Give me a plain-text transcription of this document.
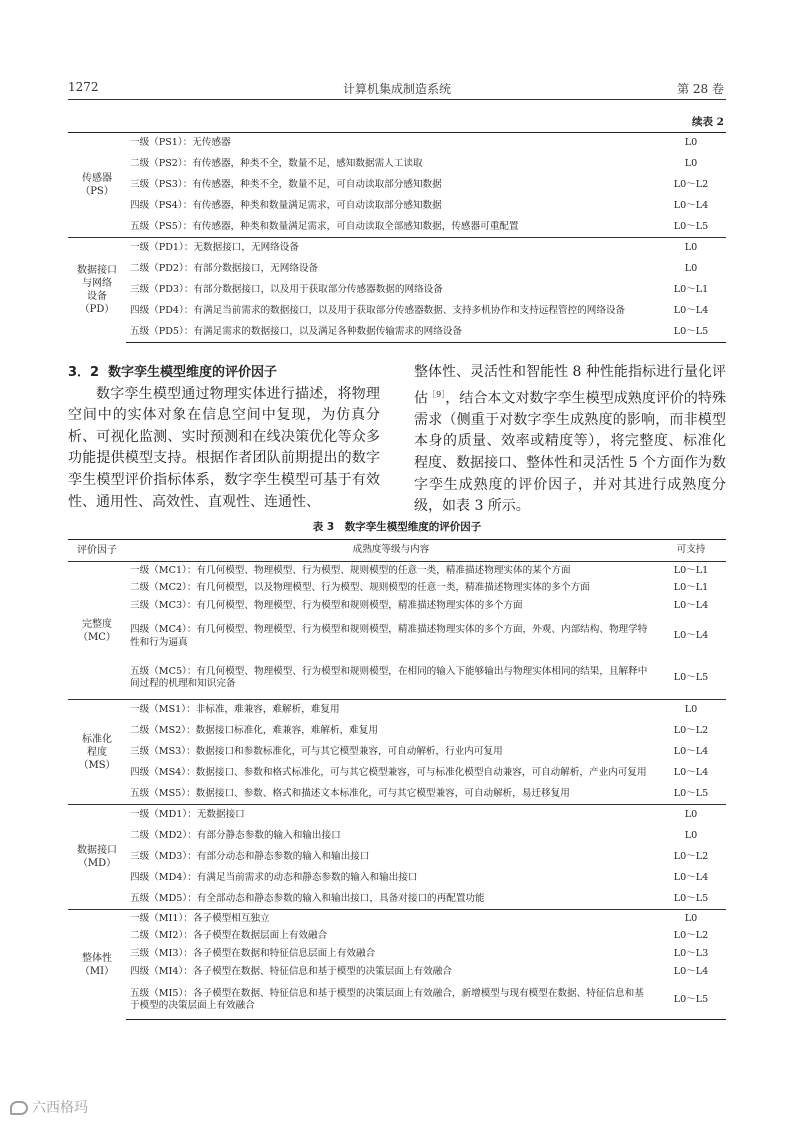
1272	计算机集成制造系统	第 28 卷
续表 2
传感器
（PS）	一级（PS1）：无传感器	L0
	二级（PS2）：有传感器，种类不全，数量不足，感知数据需人工读取	L0
	三级（PS3）：有传感器，种类不全，数量不足，可自动读取部分感知数据	L0～L2
	四级（PS4）：有传感器，种类和数量满足需求，可自动读取部分感知数据	L0～L4
	五级（PS5）：有传感器，种类和数量满足需求，可自动读取全部感知数据，传感器可重配置	L0～L5

数据接口
与网络
设备
（PD）	一级（PD1）：无数据接口，无网络设备	L0
	二级（PD2）：有部分数据接口，无网络设备	L0
	三级（PD3）：有部分数据接口，以及用于获取部分传感器数据的网络设备	L0～L1
	四级（PD4）：有满足当前需求的数据接口，以及用于获取部分传感器数据、支持多机协作和支持远程管控的网络设备	L0～L4
	五级（PD5）：有满足需求的数据接口，以及满足各种数据传输需求的网络设备	L0～L5
3．2 数字孪生模型维度的评价因子

数字孪生模型通过物理实体进行描述，将物理空间中的实体对象在信息空间中复现，为仿真分析、可视化监测、实时预测和在线决策优化等众多功能提供模型支持。根据作者团队前期提出的数字孪生模型评价指标体系，数字孪生模型可基于有效性、通用性、高效性、直观性、连通性、

整体性、灵活性和智能性 8 种性能指标进行量化评估$^{[9]}$，结合本文对数字孪生模型成熟度评价的特殊需求（侧重于对数字孪生成熟度的影响，而非模型本身的质量、效率或精度等），将完整度、标准化程度、数据接口、整体性和灵活性 5 个方面作为数字孪生成熟度的评价因子，并对其进行成熟度分级，如表 3 所示。
表 3　数字孪生模型维度的评价因子
评价因子	成熟度等级与内容	可支持

完整度
（MC）	一级（MC1）：有几何模型、物理模型、行为模型、规则模型的任意一类，精准描述物理实体的某个方面	L0～L1
	二级（MC2）：有几何模型，以及物理模型、行为模型、规则模型的任意一类，精准描述物理实体的多个方面	L0～L1
	三级（MC3）：有几何模型、物理模型、行为模型和规则模型，精准描述物理实体的多个方面	L0～L4
	四级（MC4）：有几何模型、物理模型、行为模型和规则模型，精准描述物理实体的多个方面，外观、内部结构、物理学特性和行为逼真	L0～L4
	五级（MC5）：有几何模型、物理模型、行为模型和规则模型，在相同的输入下能够输出与物理实体相同的结果，且解释中间过程的机理和知识完备	L0～L5

标准化
程度
（MS）	一级（MS1）：非标准，难兼容，难解析，难复用	L0
	二级（MS2）：数据接口标准化，难兼容，难解析，难复用	L0～L2
	三级（MS3）：数据接口和参数标准化，可与其它模型兼容，可自动解析，行业内可复用	L0～L4
	四级（MS4）：数据接口、参数和格式标准化，可与其它模型兼容，可与标准化模型自动兼容，可自动解析，产业内可复用	L0～L4
	五级（MS5）：数据接口、参数、格式和描述文本标准化，可与其它模型兼容，可自动解析，易迁移复用	L0～L5

数据接口
（MD）	一级（MD1）：无数据接口	L0
	二级（MD2）：有部分静态参数的输入和输出接口	L0
	三级（MD3）：有部分动态和静态参数的输入和输出接口	L0～L2
	四级（MD4）：有满足当前需求的动态和静态参数的输入和输出接口	L0～L4
	五级（MD5）：有全部动态和静态参数的输入和输出接口，具备对接口的再配置功能	L0～L5

整体性
（MI）	一级（MI1）：各子模型相互独立	L0
	二级（MI2）：各子模型在数据层面上有效融合	L0～L2
	三级（MI3）：各子模型在数据和特征信息层面上有效融合	L0～L3
	四级（MI4）：各子模型在数据、特征信息和基于模型的决策层面上有效融合	L0～L4
	五级（MI5）：各子模型在数据、特征信息和基于模型的决策层面上有效融合，新增模型与现有模型在数据、特征信息和基于模型的决策层面上有效融合	L0～L5
六西格玛
